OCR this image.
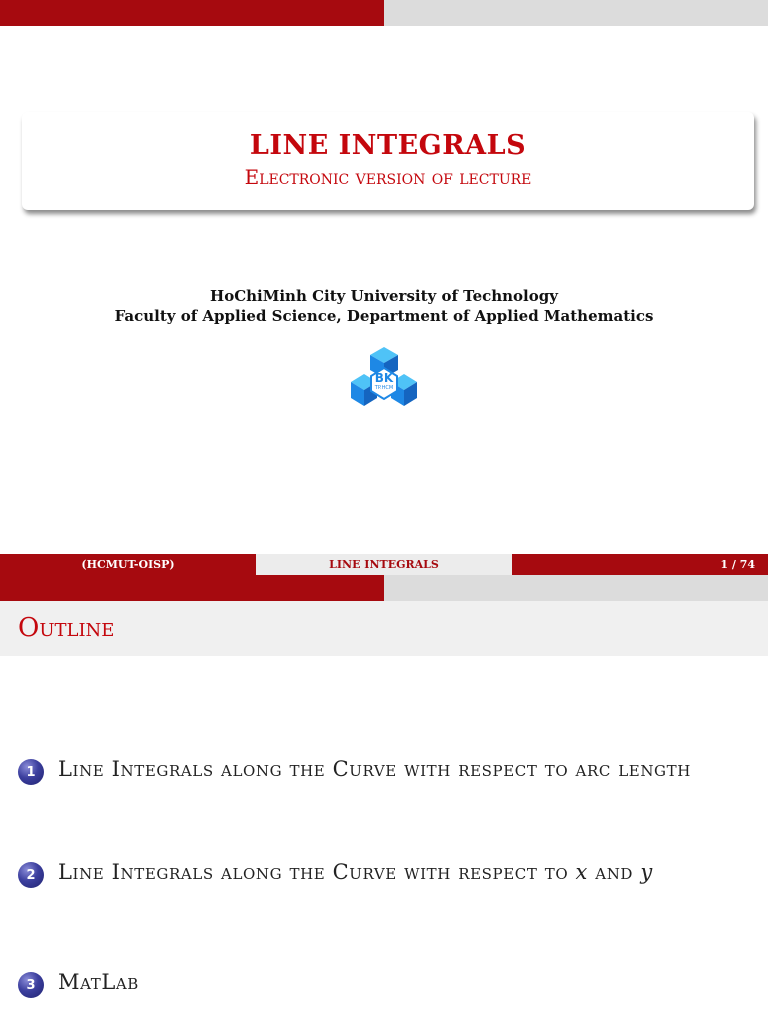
LINE INTEGRALS
Electronic version of lecture
HoChiMinh City University of Technology
Faculty of Applied Science, Department of Applied Mathematics
BK
TP.HCM
(HCMUT-OISP)	LINE INTEGRALS	1 / 74
Outline
1	Line Integrals along the Curve with respect to arc length
2	Line Integrals along the Curve with respect to x and y
3	MatLab
